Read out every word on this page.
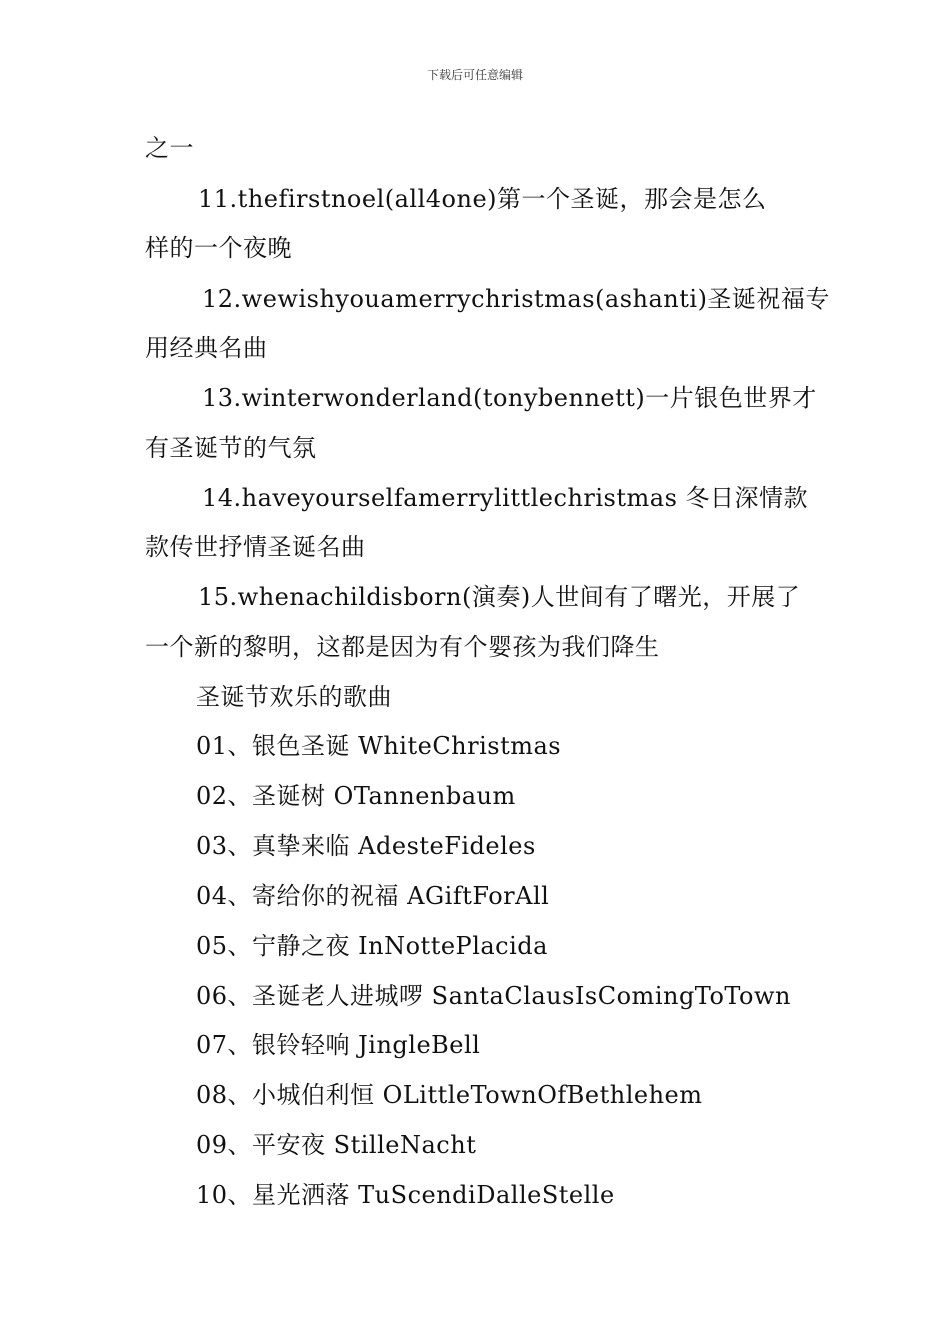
下载后可任意编辑
之一
11.thefirstnoel(all4one)第一个圣诞，那会是怎么
样的一个夜晚
12.wewishyouamerrychristmas(ashanti)圣诞祝福专
用经典名曲
13.winterwonderland(tonybennett)一片银色世界才
有圣诞节的气氛
14.haveyourselfamerrylittlechristmas 冬日深情款
款传世抒情圣诞名曲
15.whenachildisborn(演奏)人世间有了曙光，开展了
一个新的黎明，这都是因为有个婴孩为我们降生
圣诞节欢乐的歌曲
01、银色圣诞 WhiteChristmas
02、圣诞树 OTannenbaum
03、真挚来临 AdesteFideles
04、寄给你的祝福 AGiftForAll
05、宁静之夜 InNottePlacida
06、圣诞老人进城啰 SantaClausIsComingToTown
07、银铃轻响 JingleBell
08、小城伯利恒 OLittleTownOfBethlehem
09、平安夜 StilleNacht
10、星光洒落 TuScendiDalleStelle
